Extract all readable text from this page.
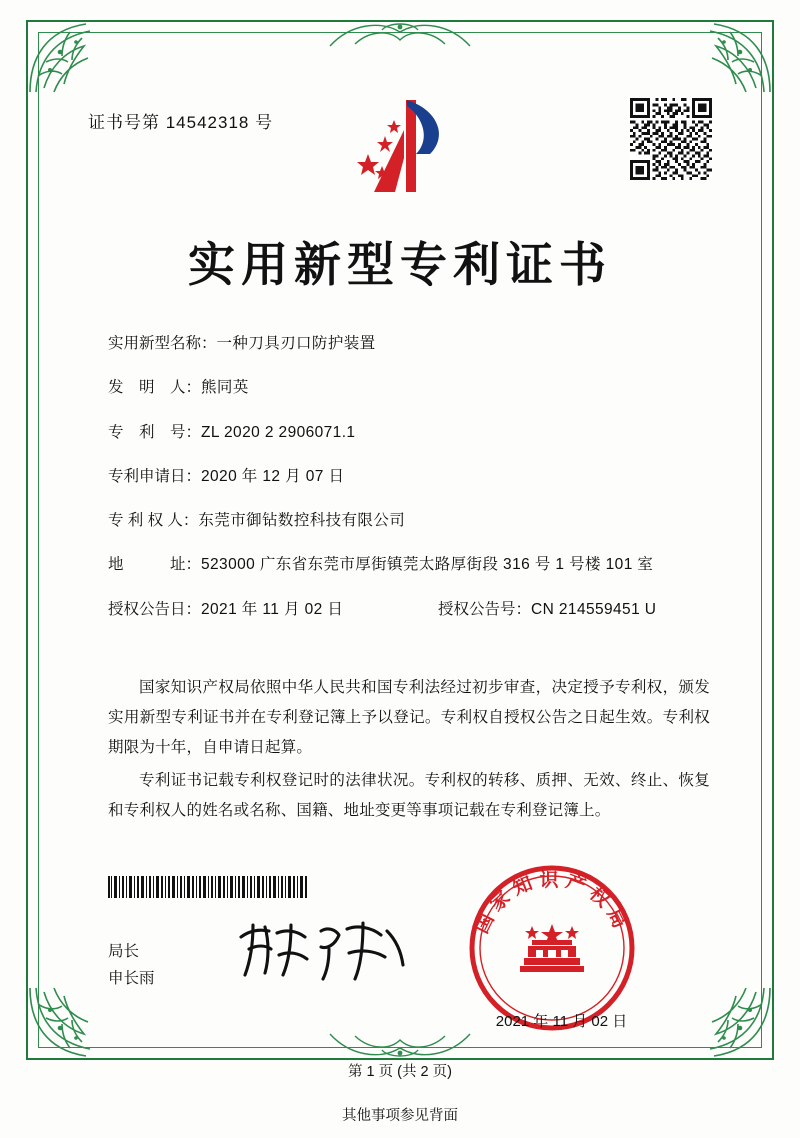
证书号第 14542318 号
实用新型专利证书
实用新型名称： 一种刀具刃口防护装置
发　明　人： 熊同英
专　利　号： ZL 2020 2 2906071.1
专利申请日： 2020 年 12 月 07 日
专 利 权 人： 东莞市御钻数控科技有限公司
地　　　址： 523000 广东省东莞市厚街镇莞太路厚街段 316 号 1 号楼 101 室
授权公告日： 2021 年 11 月 02 日	授权公告号： CN 214559451 U

国家知识产权局依照中华人民共和国专利法经过初步审查，决定授予专利权，颁发实用新型专利证书并在专利登记簿上予以登记。专利权自授权公告之日起生效。专利权期限为十年，自申请日起算。

专利证书记载专利权登记时的法律状况。专利权的转移、质押、无效、终止、恢复和专利权人的姓名或名称、国籍、地址变更等事项记载在专利登记簿上。

局长
申长雨
国家知识产权局
2021 年 11 月 02 日
第 1 页 (共 2 页)
其他事项参见背面
